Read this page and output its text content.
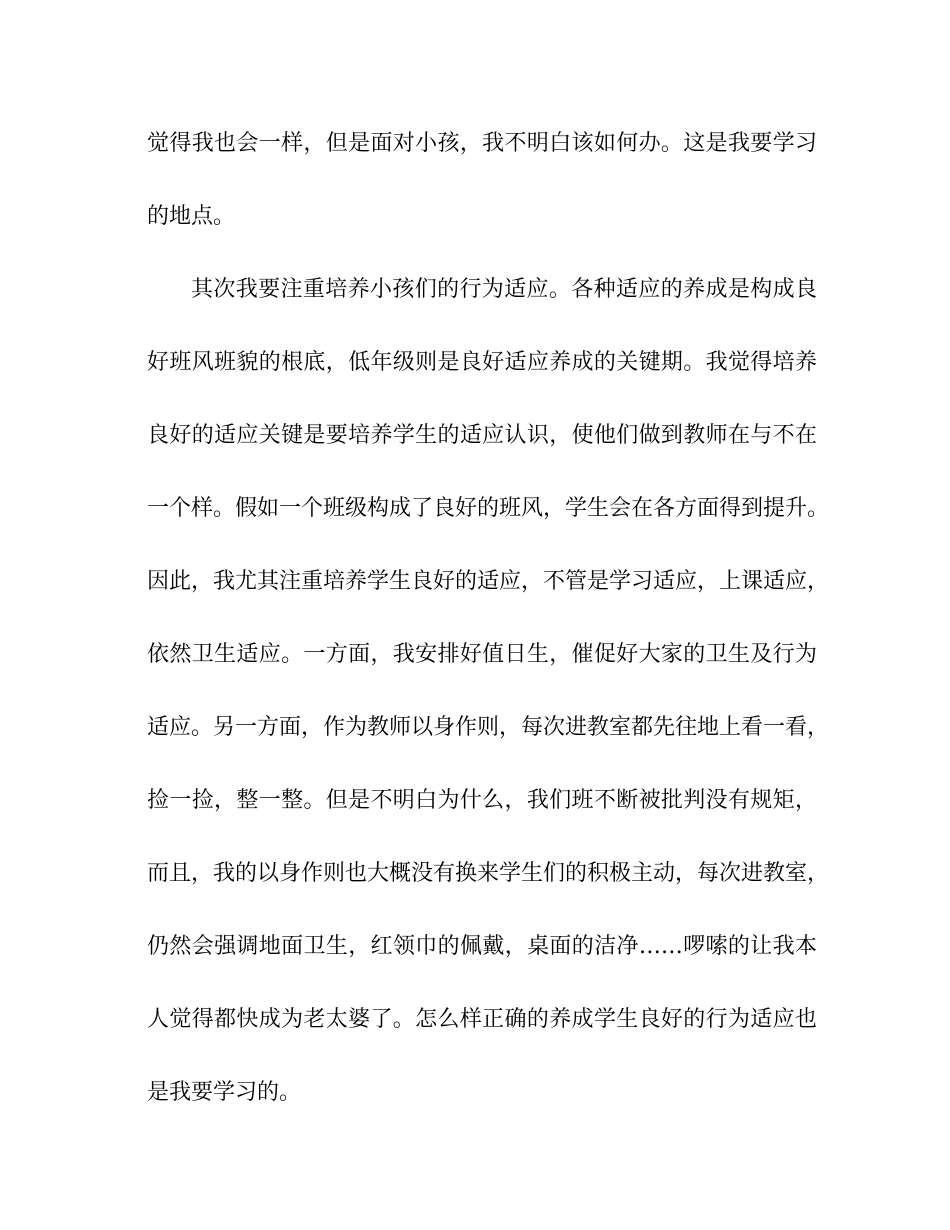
觉得我也会一样，但是面对小孩，我不明白该如何办。这是我要学习
的地点。
其次我要注重培养小孩们的行为适应。各种适应的养成是构成良
好班风班貌的根底，低年级则是良好适应养成的关键期。我觉得培养
良好的适应关键是要培养学生的适应认识，使他们做到教师在与不在
一个样。假如一个班级构成了良好的班风，学生会在各方面得到提升。
因此，我尤其注重培养学生良好的适应，不管是学习适应，上课适应，
依然卫生适应。一方面，我安排好值日生，催促好大家的卫生及行为
适应。另一方面，作为教师以身作则，每次进教室都先往地上看一看，
捡一捡，整一整。但是不明白为什么，我们班不断被批判没有规矩，
而且，我的以身作则也大概没有换来学生们的积极主动，每次进教室，
仍然会强调地面卫生，红领巾的佩戴，桌面的洁净……啰嗦的让我本
人觉得都快成为老太婆了。怎么样正确的养成学生良好的行为适应也
是我要学习的。
